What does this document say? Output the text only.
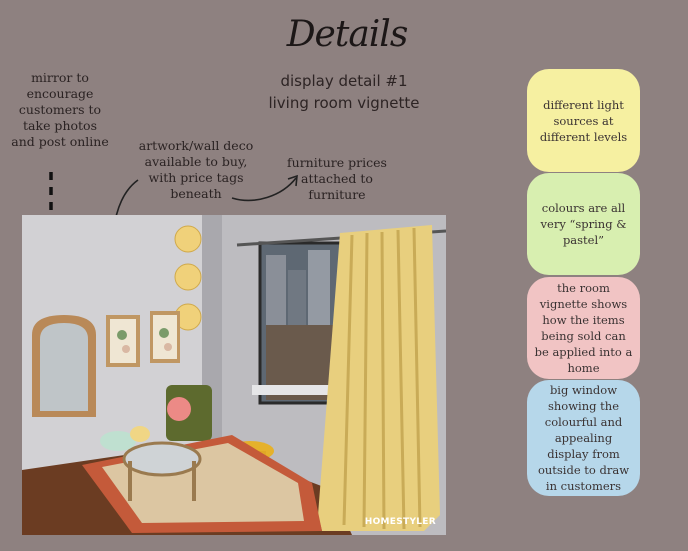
Details
display detail #1
living room vignette
mirror to encourage customers to take photos and post online	artwork/wall deco available to buy, with price tags beneath
furniture prices attached to furniture
different light sources at different levels
colours are all very “spring & pastel”
the room vignette shows how the items being sold can be applied into a home
big window showing the colourful and appealing display from outside to draw in customers
HOMESTYLER
